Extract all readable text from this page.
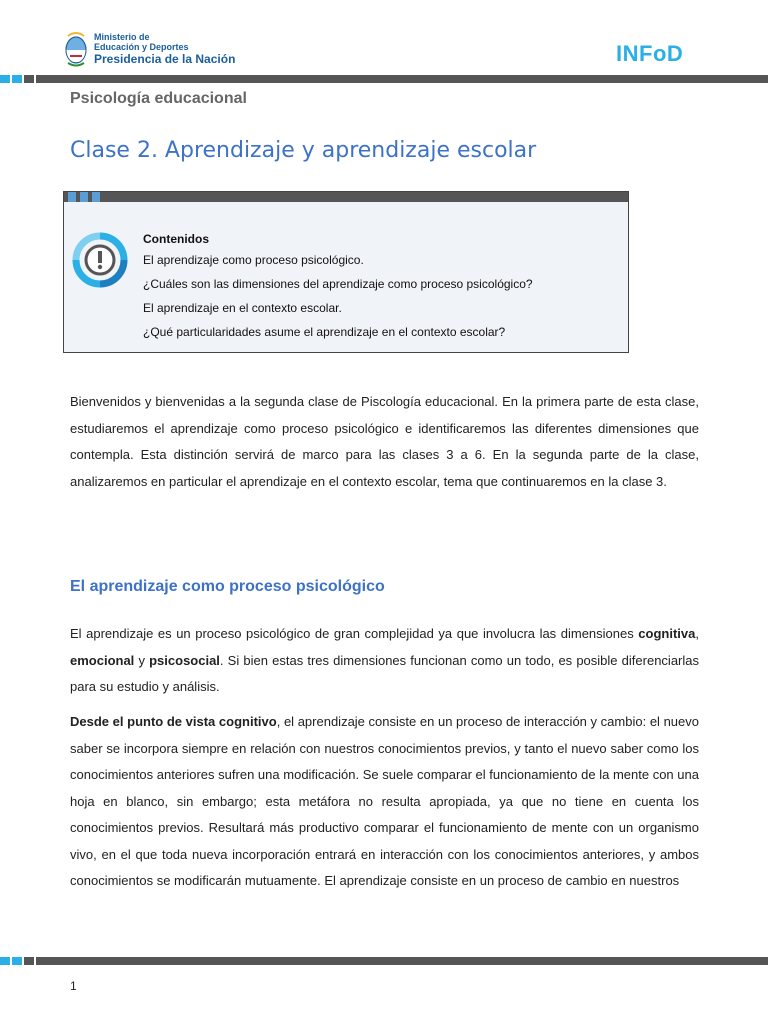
Ministerio de
Educación y Deportes
Presidencia de la Nación	INFoD
Psicología educacional
Clase 2. Aprendizaje y aprendizaje escolar
Contenidos
El aprendizaje como proceso psicológico.
¿Cuáles son las dimensiones del aprendizaje como proceso psicológico?
El aprendizaje en el contexto escolar.
¿Qué particularidades asume el aprendizaje en el contexto escolar?

Bienvenidos y bienvenidas a la segunda clase de Piscología educacional. En la primera parte de esta clase, estudiaremos el aprendizaje como proceso psicológico e identificaremos las diferentes dimensiones que contempla. Esta distinción servirá de marco para las clases 3 a 6. En la segunda parte de la clase, analizaremos en particular el aprendizaje en el contexto escolar, tema que continuaremos en la clase 3.

El aprendizaje como proceso psicológico

El aprendizaje es un proceso psicológico de gran complejidad ya que involucra las dimensiones cognitiva, emocional y psicosocial. Si bien estas tres dimensiones funcionan como un todo, es posible diferenciarlas para su estudio y análisis.

Desde el punto de vista cognitivo, el aprendizaje consiste en un proceso de interacción y cambio: el nuevo saber se incorpora siempre en relación con nuestros conocimientos previos, y tanto el nuevo saber como los conocimientos anteriores sufren una modificación. Se suele comparar el funcionamiento de la mente con una hoja en blanco, sin embargo; esta metáfora no resulta apropiada, ya que no tiene en cuenta los conocimientos previos. Resultará más productivo comparar el funcionamiento de mente con un organismo vivo, en el que toda nueva incorporación entrará en interacción con los conocimientos anteriores, y ambos conocimientos se modificarán mutuamente. El aprendizaje consiste en un proceso de cambio en nuestros

1
